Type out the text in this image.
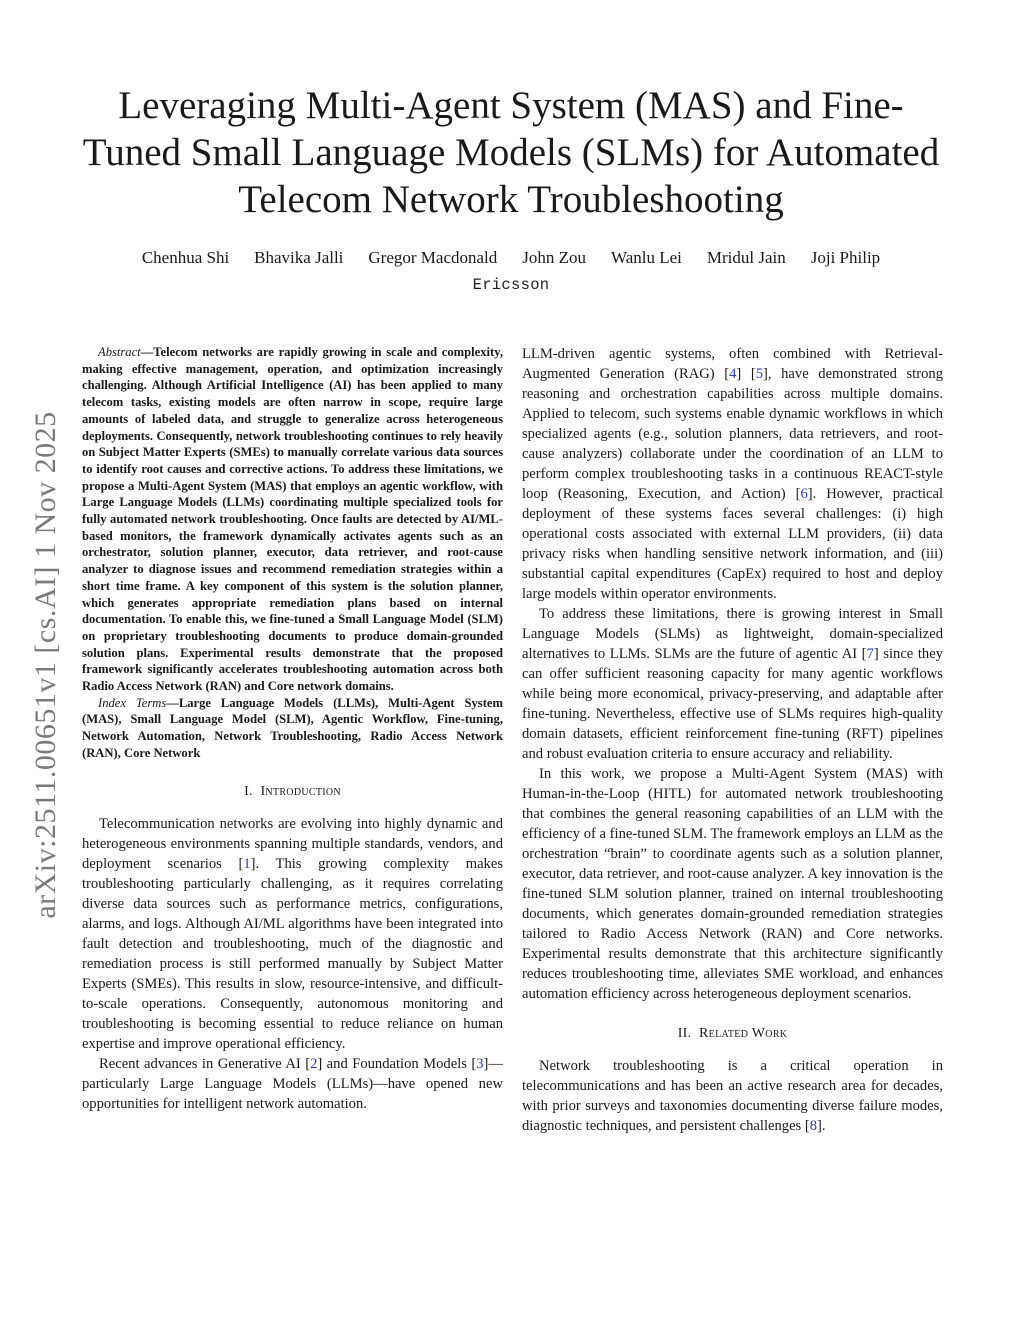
arXiv:2511.00651v1 [cs.AI] 1 Nov 2025
Leveraging Multi-Agent System (MAS) and Fine-Tuned Small Language Models (SLMs) for Automated Telecom Network Troubleshooting
Chenhua Shi Bhavika Jalli Gregor Macdonald John Zou Wanlu Lei Mridul Jain Joji Philip
Ericsson

Abstract—Telecom networks are rapidly growing in scale and complexity, making effective management, operation, and optimization increasingly challenging. Although Artificial Intelligence (AI) has been applied to many telecom tasks, existing models are often narrow in scope, require large amounts of labeled data, and struggle to generalize across heterogeneous deployments. Consequently, network troubleshooting continues to rely heavily on Subject Matter Experts (SMEs) to manually correlate various data sources to identify root causes and corrective actions. To address these limitations, we propose a Multi-Agent System (MAS) that employs an agentic workflow, with Large Language Models (LLMs) coordinating multiple specialized tools for fully automated network troubleshooting. Once faults are detected by AI/ML-based monitors, the framework dynamically activates agents such as an orchestrator, solution planner, executor, data retriever, and root-cause analyzer to diagnose issues and recommend remediation strategies within a short time frame. A key component of this system is the solution planner, which generates appropriate remediation plans based on internal documentation. To enable this, we fine-tuned a Small Language Model (SLM) on proprietary troubleshooting documents to produce domain-grounded solution plans. Experimental results demonstrate that the proposed framework significantly accelerates troubleshooting automation across both Radio Access Network (RAN) and Core network domains.

Index Terms—Large Language Models (LLMs), Multi-Agent System (MAS), Small Language Model (SLM), Agentic Workflow, Fine-tuning, Network Automation, Network Troubleshooting, Radio Access Network (RAN), Core Network

I. Introduction

Telecommunication networks are evolving into highly dynamic and heterogeneous environments spanning multiple standards, vendors, and deployment scenarios [1]. This growing complexity makes troubleshooting particularly challenging, as it requires correlating diverse data sources such as performance metrics, configurations, alarms, and logs. Although AI/ML algorithms have been integrated into fault detection and troubleshooting, much of the diagnostic and remediation process is still performed manually by Subject Matter Experts (SMEs). This results in slow, resource-intensive, and difficult-to-scale operations. Consequently, autonomous monitoring and troubleshooting is becoming essential to reduce reliance on human expertise and improve operational efficiency.

Recent advances in Generative AI [2] and Foundation Models [3]—particularly Large Language Models (LLMs)—have opened new opportunities for intelligent network automation.

LLM-driven agentic systems, often combined with Retrieval-Augmented Generation (RAG) [4] [5], have demonstrated strong reasoning and orchestration capabilities across multiple domains. Applied to telecom, such systems enable dynamic workflows in which specialized agents (e.g., solution planners, data retrievers, and root-cause analyzers) collaborate under the coordination of an LLM to perform complex troubleshooting tasks in a continuous REACT-style loop (Reasoning, Execution, and Action) [6]. However, practical deployment of these systems faces several challenges: (i) high operational costs associated with external LLM providers, (ii) data privacy risks when handling sensitive network information, and (iii) substantial capital expenditures (CapEx) required to host and deploy large models within operator environments.

To address these limitations, there is growing interest in Small Language Models (SLMs) as lightweight, domain-specialized alternatives to LLMs. SLMs are the future of agentic AI [7] since they can offer sufficient reasoning capacity for many agentic workflows while being more economical, privacy-preserving, and adaptable after fine-tuning. Nevertheless, effective use of SLMs requires high-quality domain datasets, efficient reinforcement fine-tuning (RFT) pipelines and robust evaluation criteria to ensure accuracy and reliability.

In this work, we propose a Multi-Agent System (MAS) with Human-in-the-Loop (HITL) for automated network troubleshooting that combines the general reasoning capabilities of an LLM with the efficiency of a fine-tuned SLM. The framework employs an LLM as the orchestration “brain” to coordinate agents such as a solution planner, executor, data retriever, and root-cause analyzer. A key innovation is the fine-tuned SLM solution planner, trained on internal troubleshooting documents, which generates domain-grounded remediation strategies tailored to Radio Access Network (RAN) and Core networks. Experimental results demonstrate that this architecture significantly reduces troubleshooting time, alleviates SME workload, and enhances automation efficiency across heterogeneous deployment scenarios.

II. Related Work

Network troubleshooting is a critical operation in telecommunications and has been an active research area for decades, with prior surveys and taxonomies documenting diverse failure modes, diagnostic techniques, and persistent challenges [8].
